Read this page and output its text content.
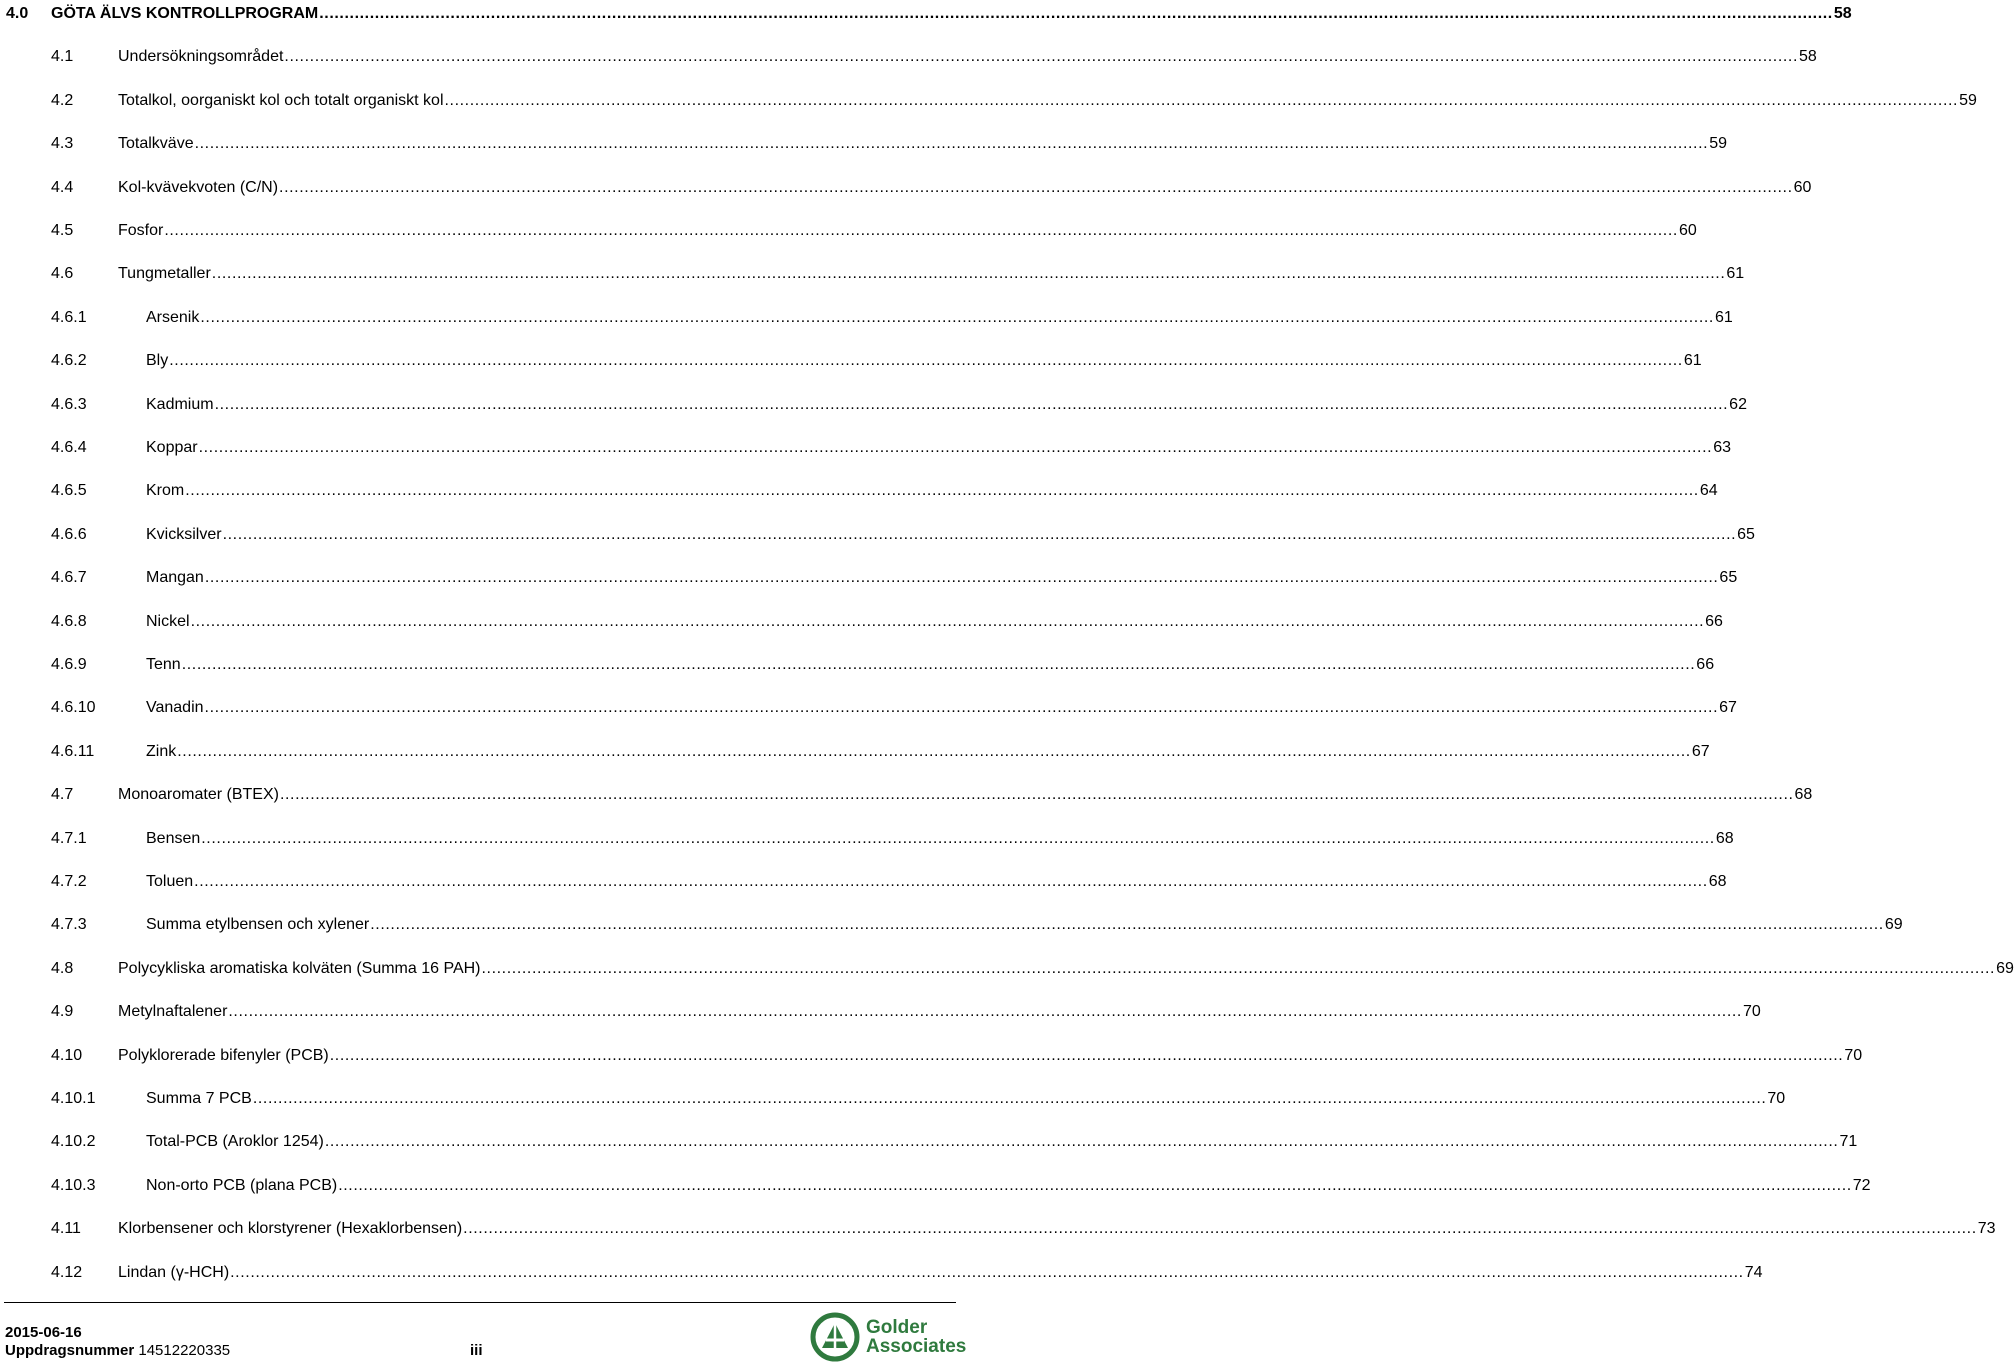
4.0 GÖTA ÄLVS KONTROLLPROGRAM ............................................................................................................................................................................................................................................................................................................ 58
4.1	Undersökningsområdet ............................................................................................................................................................................................................................................................................................................ 58
4.2	Totalkol, oorganiskt kol och totalt organiskt kol ............................................................................................................................................................................................................................................................................................................ 59
4.3	Totalkväve ............................................................................................................................................................................................................................................................................................................ 59
4.4	Kol-kvävekvoten (C/N) ............................................................................................................................................................................................................................................................................................................ 60
4.5	Fosfor ............................................................................................................................................................................................................................................................................................................ 60
4.6	Tungmetaller ............................................................................................................................................................................................................................................................................................................ 61
4.6.1	Arsenik ............................................................................................................................................................................................................................................................................................................ 61
4.6.2	Bly ............................................................................................................................................................................................................................................................................................................ 61
4.6.3	Kadmium ............................................................................................................................................................................................................................................................................................................ 62
4.6.4	Koppar ............................................................................................................................................................................................................................................................................................................ 63
4.6.5	Krom ............................................................................................................................................................................................................................................................................................................ 64
4.6.6	Kvicksilver ............................................................................................................................................................................................................................................................................................................ 65
4.6.7	Mangan ............................................................................................................................................................................................................................................................................................................ 65
4.6.8	Nickel ............................................................................................................................................................................................................................................................................................................ 66
4.6.9	Tenn ............................................................................................................................................................................................................................................................................................................ 66
4.6.10	Vanadin ............................................................................................................................................................................................................................................................................................................ 67
4.6.11	Zink ............................................................................................................................................................................................................................................................................................................ 67
4.7	Monoaromater (BTEX) ............................................................................................................................................................................................................................................................................................................ 68
4.7.1	Bensen ............................................................................................................................................................................................................................................................................................................ 68
4.7.2	Toluen ............................................................................................................................................................................................................................................................................................................ 68
4.7.3	Summa etylbensen och xylener ............................................................................................................................................................................................................................................................................................................ 69
4.8	Polycykliska aromatiska kolväten (Summa 16 PAH) ............................................................................................................................................................................................................................................................................................................ 69
4.9	Metylnaftalener ............................................................................................................................................................................................................................................................................................................ 70
4.10 Polyklorerade bifenyler (PCB) ............................................................................................................................................................................................................................................................................................................ 70
4.10.1	Summa 7 PCB ............................................................................................................................................................................................................................................................................................................ 70
4.10.2	Total-PCB (Aroklor 1254) ............................................................................................................................................................................................................................................................................................................ 71
4.10.3	Non-orto PCB (plana PCB) ............................................................................................................................................................................................................................................................................................................ 72
4.11 Klorbensener och klorstyrener (Hexaklorbensen) ............................................................................................................................................................................................................................................................................................................ 73
4.12 Lindan (γ-HCH) ............................................................................................................................................................................................................................................................................................................ 74
2015-06-16
Uppdragsnummer 14512220335	iii
Golder
Associates
